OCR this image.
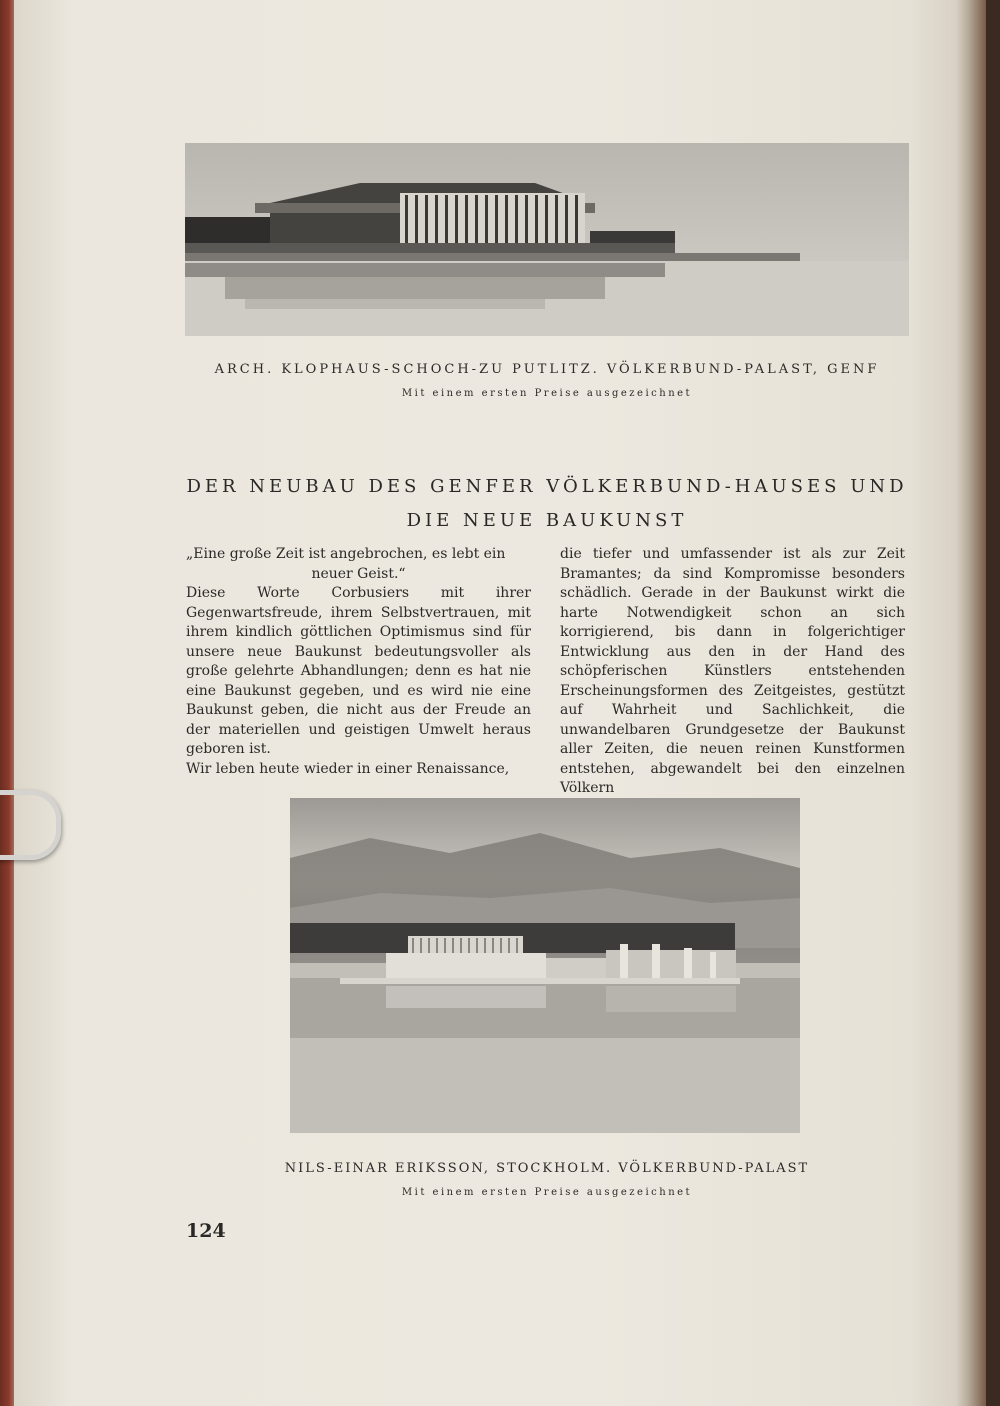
ARCH. KLOPHAUS-SCHOCH-ZU PUTLITZ. VÖLKERBUND-PALAST, GENF
Mit einem ersten Preise ausgezeichnet
DER NEUBAU DES GENFER VÖLKERBUND-HAUSES UND
DIE NEUE BAUKUNST

„Eine große Zeit ist angebrochen, es lebt ein

neuer Geist.“

Diese Worte Corbusiers mit ihrer Gegenwartsfreude, ihrem Selbstvertrauen, mit ihrem kindlich göttlichen Optimismus sind für unsere neue Baukunst bedeutungsvoller als große gelehrte Abhandlungen; denn es hat nie eine Baukunst gegeben, und es wird nie eine Baukunst geben, die nicht aus der Freude an der materiellen und geistigen Umwelt heraus geboren ist.

Wir leben heute wieder in einer Renaissance,

die tiefer und umfassender ist als zur Zeit Bramantes; da sind Kompromisse besonders schädlich. Gerade in der Baukunst wirkt die harte Notwendigkeit schon an sich korrigierend, bis dann in folgerichtiger Entwicklung aus den in der Hand des schöpferischen Künstlers entstehenden Erscheinungsformen des Zeitgeistes, gestützt auf Wahrheit und Sachlichkeit, die unwandelbaren Grundgesetze der Baukunst aller Zeiten, die neuen reinen Kunstformen entstehen, abgewandelt bei den einzelnen Völkern

NILS-EINAR ERIKSSON, STOCKHOLM. VÖLKERBUND-PALAST
Mit einem ersten Preise ausgezeichnet
124
